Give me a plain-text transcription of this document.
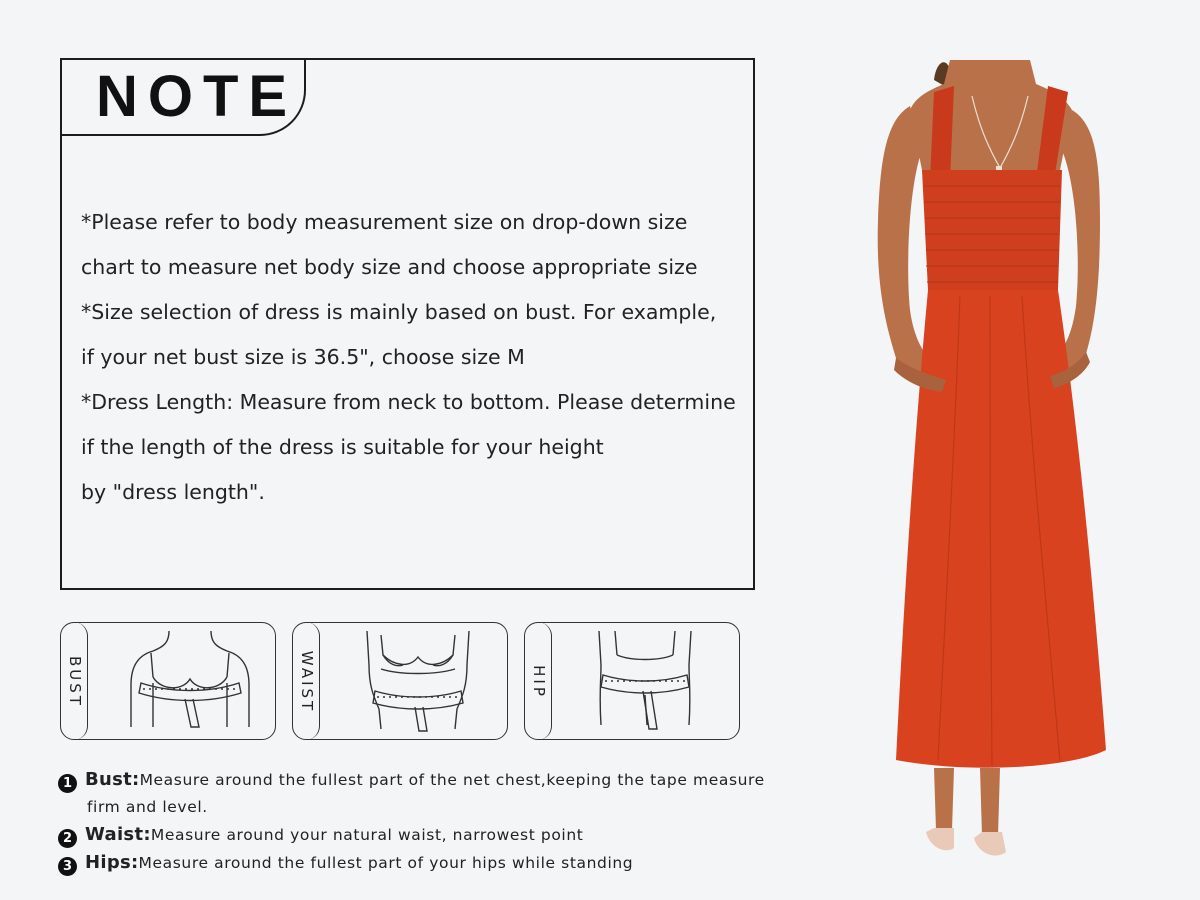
NOTE
*Please refer to body measurement size on drop-down size
chart to measure net body size and choose appropriate size
*Size selection of dress is mainly based on bust. For example,
if your net bust size is 36.5", choose size M
*Dress Length: Measure from neck to bottom. Please determine
if the length of the dress is suitable for your height
by "dress length".
BUST	WAIST	HIP
1 Bust: Measure around the fullest part of the net chest,keeping the tape measure
firm and level.
2 Waist: Measure around your natural waist, narrowest point
3 Hips: Measure around the fullest part of your hips while standing
